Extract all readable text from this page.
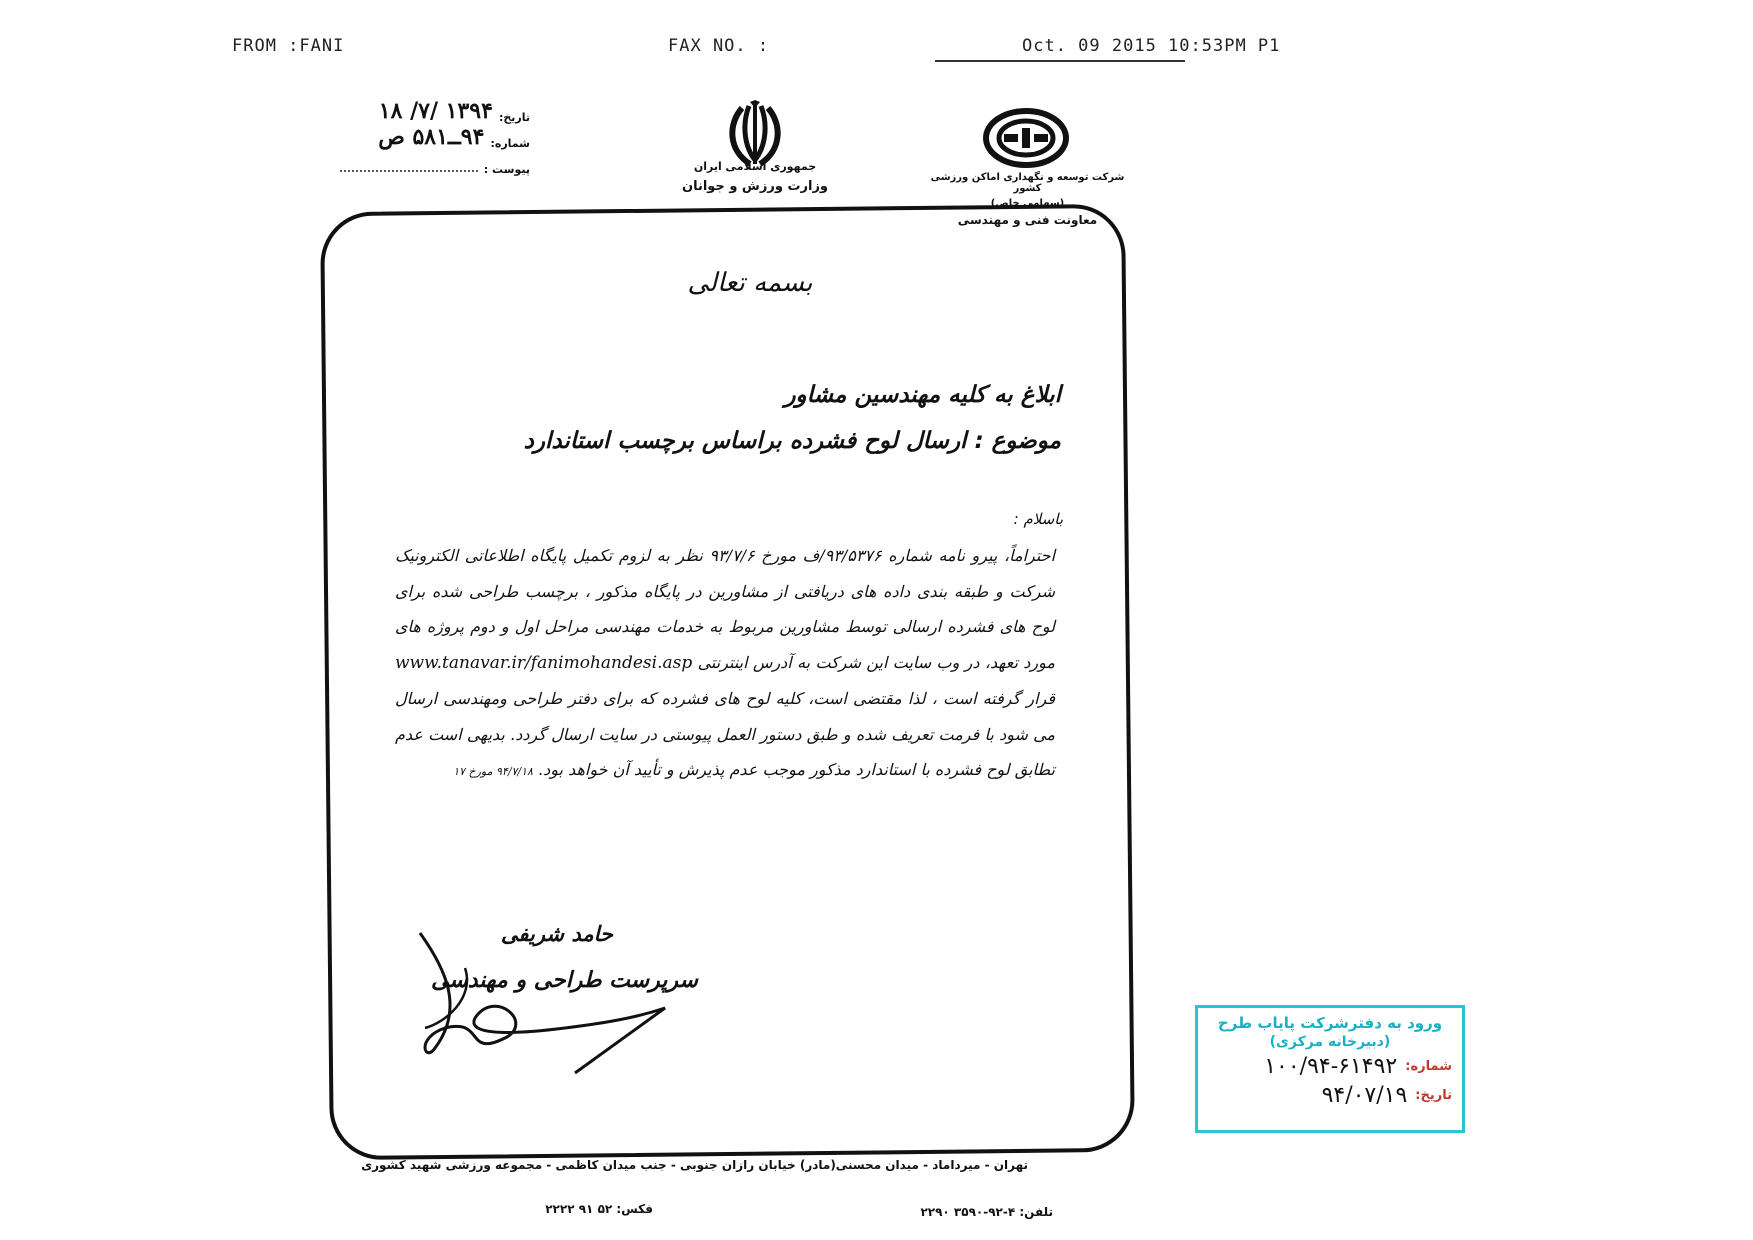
FROM :FANI	FAX NO. :	Oct. 09 2015 10:53PM P1
تاریخ:
۱۳۹۴ /۷/ ۱۸
شماره:
۹۴ــ۵۸۱ ص
پیوست :	جمهوری اسلامی ایران
وزارت ورزش و جوانان
شرکت توسعه و نگهداری اماکن ورزشی کشور
(سهامی خاص)
معاونت فنی و مهندسی
بسمه تعالی
ابلاغ به کلیه مهندسین مشاور
موضوع : ارسال لوح فشرده براساس برچسب استاندارد
باسلام :

احتراماً، پیرو نامه شماره ۹۳/۵۳۷۶/ف مورخ ۹۳/۷/۶ نظر به لزوم تکمیل پایگاه اطلاعاتی الکترونیک شرکت و طبقه بندی داده های دریافتی از مشاورین در پایگاه مذکور ، برچسب طراحی شده برای لوح های فشرده ارسالی توسط مشاورین مربوط به خدمات مهندسی مراحل اول و دوم پروژه های مورد تعهد، در وب سایت این شرکت به آدرس اینترنتی www.tanavar.ir/fanimohandesi.asp قرار گرفته است ، لذا مقتضی است، کلیه لوح های فشرده که برای دفتر طراحی ومهندسی ارسال می شود با فرمت تعریف شده و طبق دستور العمل پیوستی در سایت ارسال گردد. بدیهی است عدم تطابق لوح فشرده با استاندارد مذکور موجب عدم پذیرش و تأیید آن خواهد بود. ۹۴/۷/۱۸ مورخ ۱۷

حامد شریفی
سرپرست طراحی و مهندسی
تهران - میرداماد - میدان محسنی(مادر) خیابان رازان جنوبی - جنب میدان کاظمی - مجموعه ورزشی شهید کشوری
تلفن: ۴-۹۲-۳۵۹۰ ۲۲۹۰
فکس: ۵۲ ۹۱ ۲۲۲۲
ورود به دفترشرکت پایاب طرح
(دبیرخانه مرکزی)
شماره:
۱۰۰/۹۴-۶۱۴۹۲
تاریخ:
۹۴/۰۷/۱۹
